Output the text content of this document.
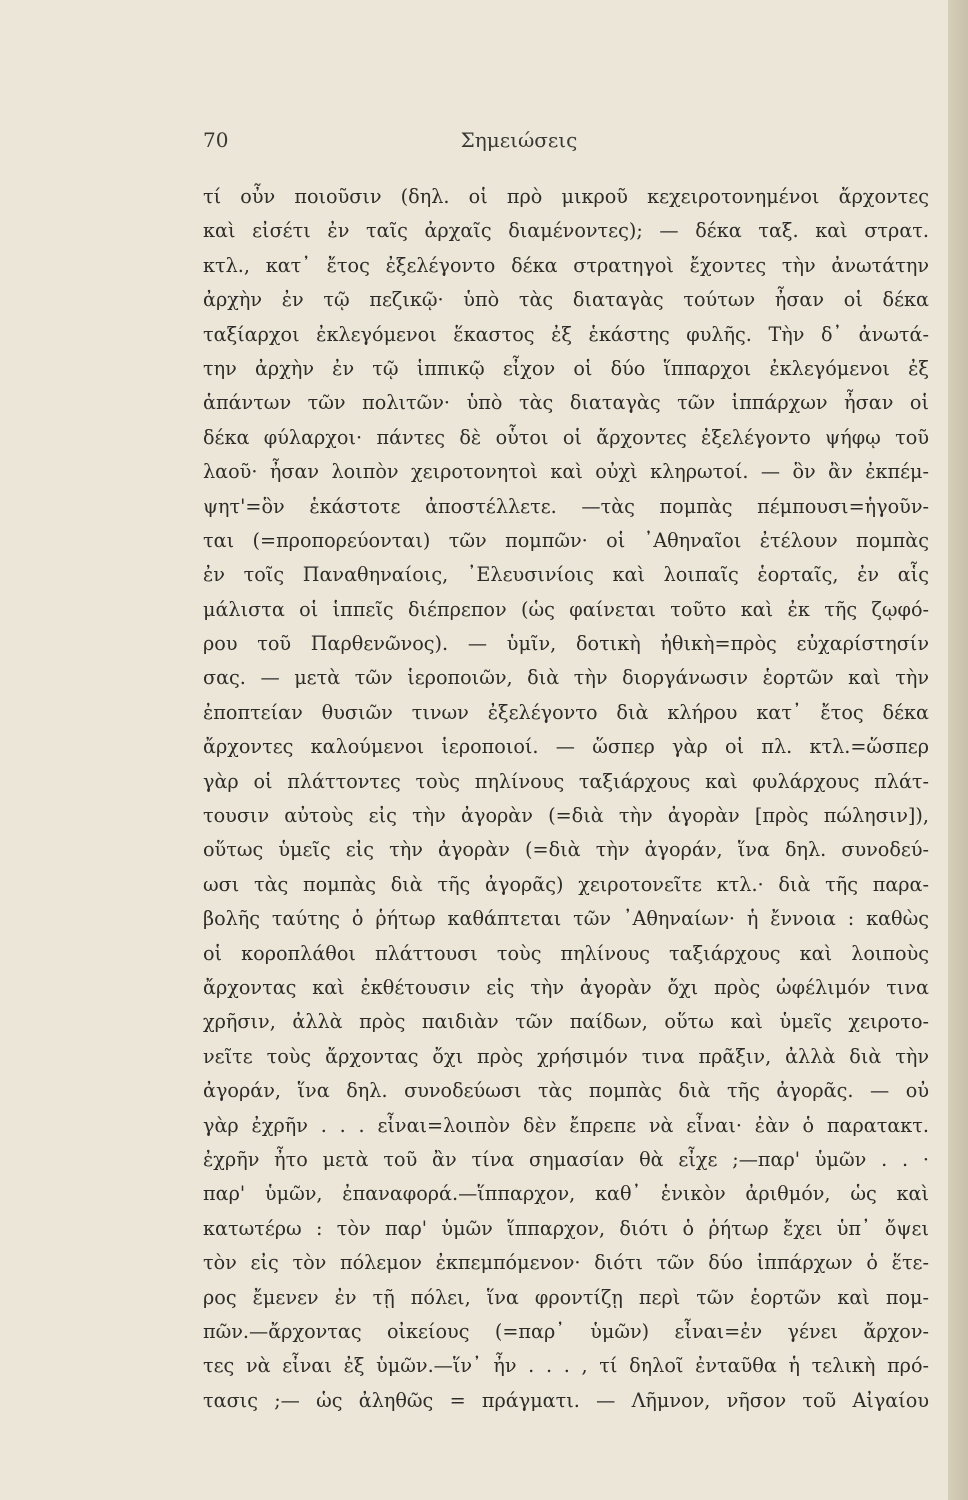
70	Σημειώσεις
τί οὖν ποιοῦσιν (δηλ. οἱ πρὸ μικροῦ κεχειροτονημένοι ἄρχοντες
καὶ εἰσέτι ἐν ταῖς ἀρχαῖς διαμένοντες); — δέκα ταξ. καὶ στρατ.
κτλ., κατ᾽ ἔτος ἐξελέγοντο δέκα στρατηγοὶ ἔχοντες τὴν ἀνωτάτην
ἀρχὴν ἐν τῷ πεζικῷ· ὑπὸ τὰς διαταγὰς τούτων ἦσαν οἱ δέκα
ταξίαρχοι ἐκλεγόμενοι ἕκαστος ἐξ ἑκάστης φυλῆς. Τὴν δ᾽ ἀνωτά-
την ἀρχὴν ἐν τῷ ἱππικῷ εἶχον οἱ δύο ἵππαρχοι ἐκλεγόμενοι ἐξ
ἁπάντων τῶν πολιτῶν· ὑπὸ τὰς διαταγὰς τῶν ἱππάρχων ἦσαν οἱ
δέκα φύλαρχοι· πάντες δὲ οὗτοι οἱ ἄρχοντες ἐξελέγοντο ψήφῳ τοῦ
λαοῦ· ἦσαν λοιπὸν χειροτονητοὶ καὶ οὐχὶ κληρωτοί. — ὃν ἂν ἐκπέμ-
ψητ'=ὃν ἑκάστοτε ἀποστέλλετε. —τὰς πομπὰς πέμπουσι=ἡγοῦν-
ται (=προπορεύονται) τῶν πομπῶν· οἱ ᾿Αθηναῖοι ἐτέλουν πομπὰς
ἐν τοῖς Παναθηναίοις, ᾿Ελευσινίοις καὶ λοιπαῖς ἑορταῖς, ἐν αἷς
μάλιστα οἱ ἱππεῖς διέπρεπον (ὡς φαίνεται τοῦτο καὶ ἐκ τῆς ζῳφό-
ρου τοῦ Παρθενῶνος). — ὑμῖν, δοτικὴ ἠθικὴ=πρὸς εὐχαρίστησίν
σας. — μετὰ τῶν ἱεροποιῶν, διὰ τὴν διοργάνωσιν ἑορτῶν καὶ τὴν
ἐποπτείαν θυσιῶν τινων ἐξελέγοντο διὰ κλήρου κατ᾽ ἔτος δέκα
ἄρχοντες καλούμενοι ἱεροποιοί. — ὥσπερ γὰρ οἱ πλ. κτλ.=ὥσπερ
γὰρ οἱ πλάττοντες τοὺς πηλίνους ταξιάρχους καὶ φυλάρχους πλάτ-
τουσιν αὐτοὺς εἰς τὴν ἀγορὰν (=διὰ τὴν ἀγορὰν [πρὸς πώλησιν]),
οὕτως ὑμεῖς εἰς τὴν ἀγορὰν (=διὰ τὴν ἀγοράν, ἵνα δηλ. συνοδεύ-
ωσι τὰς πομπὰς διὰ τῆς ἀγορᾶς) χειροτονεῖτε κτλ.· διὰ τῆς παρα-
βολῆς ταύτης ὁ ῥήτωρ καθάπτεται τῶν ᾿Αθηναίων· ἡ ἔννοια : καθὼς
οἱ κοροπλάθοι πλάττουσι τοὺς πηλίνους ταξιάρχους καὶ λοιποὺς
ἄρχοντας καὶ ἐκθέτουσιν εἰς τὴν ἀγορὰν ὄχι πρὸς ὠφέλιμόν τινα
χρῆσιν, ἀλλὰ πρὸς παιδιὰν τῶν παίδων, οὕτω καὶ ὑμεῖς χειροτο-
νεῖτε τοὺς ἄρχοντας ὄχι πρὸς χρήσιμόν τινα πρᾶξιν, ἀλλὰ διὰ τὴν
ἀγοράν, ἵνα δηλ. συνοδεύωσι τὰς πομπὰς διὰ τῆς ἀγορᾶς. — οὐ
γὰρ ἐχρῆν . . . εἶναι=λοιπὸν δὲν ἔπρεπε νὰ εἶναι· ἐὰν ὁ παρατακτ.
ἐχρῆν ἦτο μετὰ τοῦ ἂν τίνα σημασίαν θὰ εἶχε ;—παρ' ὑμῶν . . ·
παρ' ὑμῶν, ἐπαναφορά.—ἵππαρχον, καθ᾽ ἑνικὸν ἀριθμόν, ὡς καὶ
κατωτέρω : τὸν παρ' ὑμῶν ἵππαρχον, διότι ὁ ῥήτωρ ἔχει ὑπ᾽ ὄψει
τὸν εἰς τὸν πόλεμον ἐκπεμπόμενον· διότι τῶν δύο ἱππάρχων ὁ ἕτε-
ρος ἔμενεν ἐν τῇ πόλει, ἵνα φροντίζῃ περὶ τῶν ἑορτῶν καὶ πομ-
πῶν.—ἄρχοντας οἰκείους (=παρ᾽ ὑμῶν) εἶναι=ἐν γένει ἄρχον-
τες νὰ εἶναι ἐξ ὑμῶν.—ἵν᾽ ἦν . . . , τί δηλοῖ ἐνταῦθα ἡ τελικὴ πρό-
τασις ;— ὡς ἀληθῶς = πράγματι. — Λῆμνον, νῆσον τοῦ Αἰγαίου
